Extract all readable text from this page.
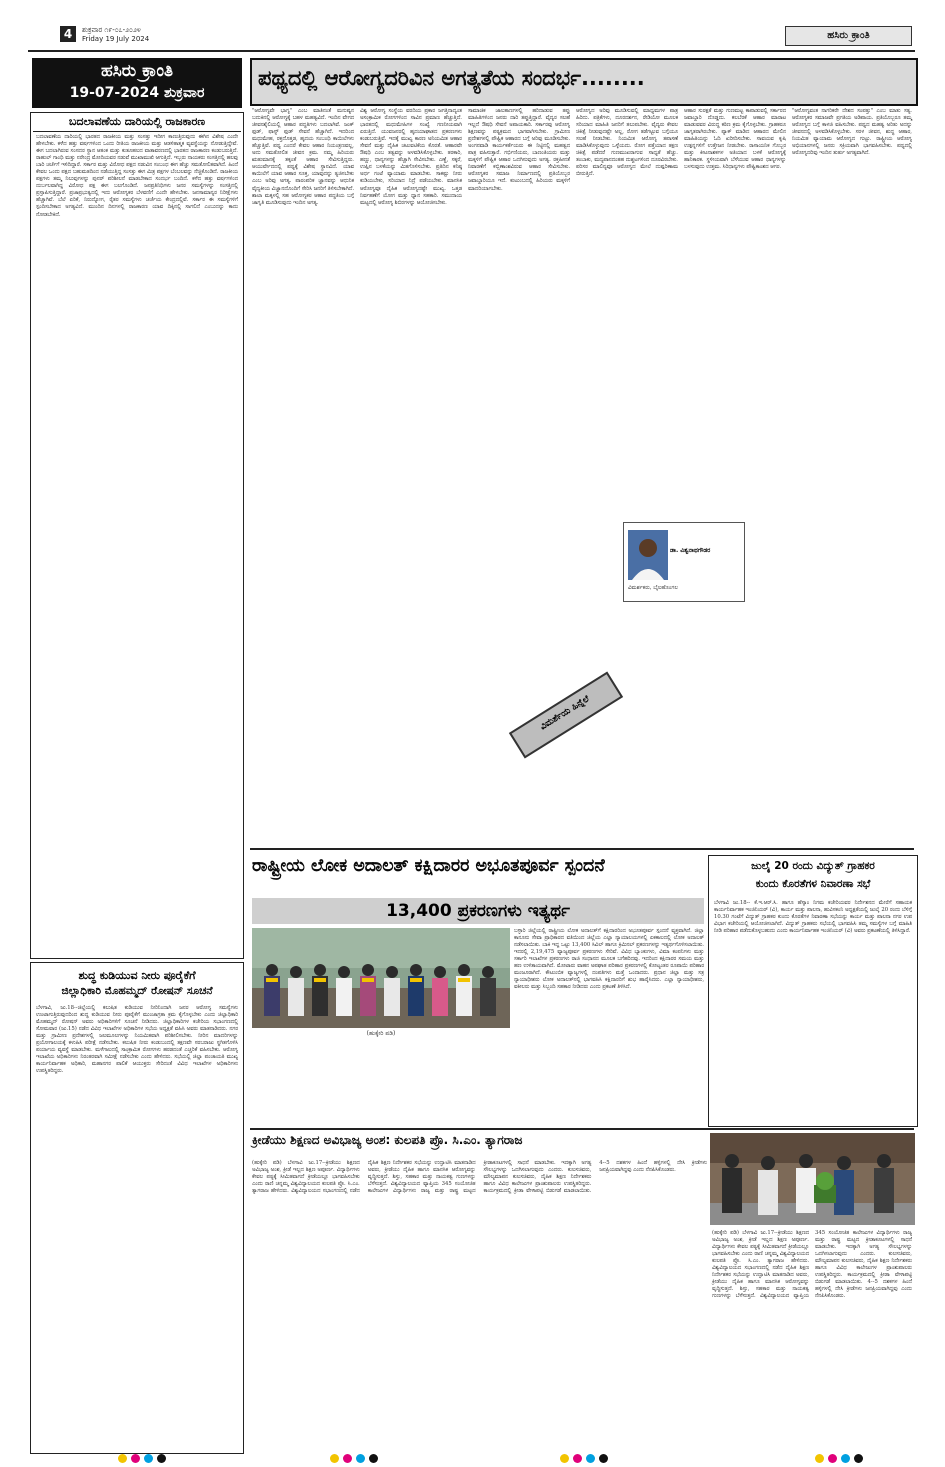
4	ಶುಕ್ರವಾರ ೧೯-೦೭-೨೦೨೪
Friday 19 July 2024	ಹಸಿರು ಕ್ರಾಂತಿ
ಹಸಿರು ಕ್ರಾಂತಿ
19-07-2024 ಶುಕ್ರವಾರ
ಬದಲಾವಣೆಯ ದಾರಿಯಲ್ಲಿ ರಾಜಕಾರಣ
ಬದಲಾವಣೆಯ ದಾರಿಯಲ್ಲಿ ಭಾರತದ ರಾಜಕೀಯ ಮತ್ತು ಸಂಸತ್ತು ಇದೀಗ ಕಾಣುತ್ತಿರುವುದು ಈಗಿನ ವಿಶೇಷ ಎಂದೇ ಹೇಳಬೇಕು. ಕಳೆದ ಹತ್ತು ವರ್ಷಗಳಿಂದ ಒಂದು ರೀತಿಯ ರಾಜಕೀಯ ಮತ್ತು ಆಡಳಿತಾತ್ಮಕ ವ್ಯವಸ್ಥೆಯನ್ನು ನೋಡುತ್ತಿದ್ದೇವೆ. ಈಗ ಬದಲಾಗಿರುವ ಸಂಸದರ ಸ್ಥಾನ ಆತಂಕ ಮತ್ತು ಕುತೂಹಲದ ವಾತಾವರಣದಲ್ಲಿ ಭಾರತದ ರಾಜಕಾರಣ ಕಂಡುಬರುತ್ತಿದೆ. ರಾಹುಲ್ ಗಾಂಧಿ ಮತ್ತು ನರೇಂದ್ರ ಮೋದಿಯವರ ನಡುವೆ ಮುಖಾಮುಖಿ ಆಗುತ್ತಿದೆ. ಇಬ್ಬರು ನಾಯಕರು ಸಂಸತ್ತಿನಲ್ಲಿ ಹಲವು ಬಾರಿ ಚರ್ಚೆಗೆ ಇಳಿದಿದ್ದಾರೆ. ಸರ್ಕಾರ ಮತ್ತು ವಿರೋಧ ಪಕ್ಷದ ನಡುವಿನ ಸಂಬಂಧ ಈಗ ಹೆಚ್ಚು ಸಮತೋಲಿತವಾಗಿದೆ. ಹಿಂದೆ ಕೇವಲ ಒಂದು ಪಕ್ಷದ ಬಹುಮತದಿಂದ ನಡೆಯುತ್ತಿದ್ದ ಸಂಸತ್ತು ಈಗ ಮಿತ್ರ ಪಕ್ಷಗಳ ಬೆಂಬಲವನ್ನು ನೆಚ್ಚಿಕೊಂಡಿದೆ. ರಾಜಕೀಯ ಪಕ್ಷಗಳು ತಮ್ಮ ನಿಲುವುಗಳನ್ನು ಪುನರ್ ಪರಿಶೀಲನೆ ಮಾಡಬೇಕಾದ ಸಂದರ್ಭ ಬಂದಿದೆ. ಕಳೆದ ಹತ್ತು ವರ್ಷಗಳಿಂದ ದುರ್ಬಲವಾಗಿದ್ದ ವಿರೋಧ ಪಕ್ಷ ಈಗ ಬಲಗೊಂಡಿದೆ. ಜನಪ್ರತಿನಿಧಿಗಳು ಜನರ ಸಮಸ್ಯೆಗಳನ್ನು ಸಂಸತ್ತಿನಲ್ಲಿ ಪ್ರಸ್ತಾಪಿಸುತ್ತಿದ್ದಾರೆ. ಪ್ರಜಾಪ್ರಭುತ್ವದಲ್ಲಿ ಇದು ಆರೋಗ್ಯಕರ ಬೆಳವಣಿಗೆ ಎಂದೇ ಹೇಳಬೇಕು. ಜನಸಾಮಾನ್ಯರ ನಿರೀಕ್ಷೆಗಳು ಹೆಚ್ಚಾಗಿವೆ. ಬೆಲೆ ಏರಿಕೆ, ನಿರುದ್ಯೋಗ, ರೈತರ ಸಮಸ್ಯೆಗಳು ಚರ್ಚೆಯ ಕೇಂದ್ರದಲ್ಲಿವೆ. ಸರ್ಕಾರ ಈ ಸಮಸ್ಯೆಗಳಿಗೆ ಸ್ಪಂದಿಸಬೇಕಾದ ಅಗತ್ಯವಿದೆ. ಮುಂದಿನ ದಿನಗಳಲ್ಲಿ ರಾಜಕಾರಣ ಯಾವ ದಿಕ್ಕಿನಲ್ಲಿ ಸಾಗಲಿದೆ ಎಂಬುದನ್ನು ಕಾದು ನೋಡಬೇಕಿದೆ.
ಶುದ್ಧ ಕುಡಿಯುವ ನೀರು ಪೂರೈಕೆಗೆ
ಜಿಲ್ಲಾಧಿಕಾರಿ ಮೊಹಮ್ಮದ್ ರೋಷನ್ ಸೂಚನೆ
ಬೆಳಗಾವಿ, ಜು.18--ಜಿಲ್ಲೆಯಲ್ಲಿ ಕಲುಷಿತ ಕುಡಿಯುವ ನೀರಿನಿಂದಾಗಿ ಜನರ ಆರೋಗ್ಯ ಸಮಸ್ಯೆಗಳು ಉಂಟಾಗುತ್ತಿರುವುದರಿಂದ ಶುದ್ಧ ಕುಡಿಯುವ ನೀರು ಪೂರೈಕೆಗೆ ಮುಂಜಾಗ್ರತಾ ಕ್ರಮ ಕೈಗೊಳ್ಳಬೇಕು ಎಂದು ಜಿಲ್ಲಾಧಿಕಾರಿ ಮೊಹಮ್ಮದ್ ರೋಷನ್ ಅವರು ಅಧಿಕಾರಿಗಳಿಗೆ ಸೂಚನೆ ನೀಡಿದರು. ಜಿಲ್ಲಾಧಿಕಾರಿಗಳ ಕಚೇರಿಯ ಸಭಾಂಗಣದಲ್ಲಿ ಸೋಮವಾರ (ಜು.15) ನಡೆದ ವಿವಿಧ ಇಲಾಖೆಗಳ ಅಧಿಕಾರಿಗಳ ಸಭೆಯ ಅಧ್ಯಕ್ಷತೆ ವಹಿಸಿ ಅವರು ಮಾತನಾಡಿದರು. ನಗರ ಮತ್ತು ಗ್ರಾಮೀಣ ಪ್ರದೇಶಗಳಲ್ಲಿ ಜಲಮೂಲಗಳನ್ನು ನಿಯಮಿತವಾಗಿ ಪರಿಶೀಲಿಸಬೇಕು. ನೀರಿನ ಮಾದರಿಗಳನ್ನು ಪ್ರಯೋಗಾಲಯಕ್ಕೆ ಕಳುಹಿಸಿ ಪರೀಕ್ಷೆ ನಡೆಸಬೇಕು. ಕಲುಷಿತ ನೀರು ಕಂಡುಬಂದಲ್ಲಿ ತಕ್ಷಣವೇ ಸರಬರಾಜು ಸ್ಥಗಿತಗೊಳಿಸಿ ಪರ್ಯಾಯ ವ್ಯವಸ್ಥೆ ಮಾಡಬೇಕು. ಮಳೆಗಾಲದಲ್ಲಿ ಸಾಂಕ್ರಾಮಿಕ ರೋಗಗಳು ಹರಡದಂತೆ ಎಚ್ಚರಿಕೆ ವಹಿಸಬೇಕು. ಆರೋಗ್ಯ ಇಲಾಖೆಯ ಅಧಿಕಾರಿಗಳು ನಿರಂತರವಾಗಿ ಸಮೀಕ್ಷೆ ನಡೆಸಬೇಕು ಎಂದು ಹೇಳಿದರು. ಸಭೆಯಲ್ಲಿ ಜಿಲ್ಲಾ ಪಂಚಾಯತಿ ಮುಖ್ಯ ಕಾರ್ಯನಿರ್ವಾಹಕ ಅಧಿಕಾರಿ, ಮಹಾನಗರ ಪಾಲಿಕೆ ಆಯುಕ್ತರು ಸೇರಿದಂತೆ ವಿವಿಧ ಇಲಾಖೆಗಳ ಅಧಿಕಾರಿಗಳು ಉಪಸ್ಥಿತರಿದ್ದರು.
ಪಥ್ಯದಲ್ಲಿ ಆರೋಗ್ಯದರಿವಿನ ಅಗತ್ಯತೆಯ ಸಂದರ್ಭ........
"ಆರೋಗ್ಯವೇ ಭಾಗ್ಯ" ಎಂಬ ಮಾತಿನಂತೆ ಮನುಷ್ಯನ ಬದುಕಿನಲ್ಲಿ ಆರೋಗ್ಯಕ್ಕೆ ಬಹಳ ಮಹತ್ವವಿದೆ. ಇಂದಿನ ವೇಗದ ಜೀವನಶೈಲಿಯಲ್ಲಿ ಆಹಾರ ಪದ್ಧತಿಗಳು ಬದಲಾಗಿವೆ. ಜಂಕ್ ಫುಡ್, ಫಾಸ್ಟ್ ಫುಡ್ ಸೇವನೆ ಹೆಚ್ಚಾಗಿದೆ. ಇದರಿಂದ ಮಧುಮೇಹ, ರಕ್ತದೊತ್ತಡ, ಹೃದಯ ಸಂಬಂಧಿ ಕಾಯಿಲೆಗಳು ಹೆಚ್ಚುತ್ತಿವೆ. ಪಥ್ಯ ಎಂದರೆ ಕೇವಲ ಆಹಾರ ನಿಯಂತ್ರಣವಲ್ಲ, ಅದು ಸಮತೋಲಿತ ಜೀವನ ಕ್ರಮ. ನಮ್ಮ ಹಿರಿಯರು ಋತುಮಾನಕ್ಕೆ ತಕ್ಕಂತೆ ಆಹಾರ ಸೇವಿಸುತ್ತಿದ್ದರು. ಆಯುರ್ವೇದದಲ್ಲಿ ಪಥ್ಯಕ್ಕೆ ವಿಶೇಷ ಸ್ಥಾನವಿದೆ. ಯಾವ ಕಾಯಿಲೆಗೆ ಯಾವ ಆಹಾರ ಸೂಕ್ತ, ಯಾವುದನ್ನು ತ್ಯಜಿಸಬೇಕು ಎಂಬ ಅರಿವು ಅಗತ್ಯ. ಪಾರಂಪರಿಕ ಜ್ಞಾನವನ್ನು ಆಧುನಿಕ ವೈದ್ಯಕೀಯ ವಿಜ್ಞಾನದೊಂದಿಗೆ ಸೇರಿಸಿ ಜನರಿಗೆ ತಿಳಿಸಬೇಕಾಗಿದೆ. ಶಾಲಾ ಮಕ್ಕಳಲ್ಲಿ ಸಹ ಆರೋಗ್ಯಕರ ಆಹಾರ ಪದ್ಧತಿಯ ಬಗ್ಗೆ ಜಾಗೃತಿ ಮೂಡಿಸುವುದು ಇಂದಿನ ಅಗತ್ಯ.
ವಿಶ್ವ ಆರೋಗ್ಯ ಸಂಸ್ಥೆಯ ವರದಿಯ ಪ್ರಕಾರ ಜಗತ್ತಿನಾದ್ಯಂತ ಅಸಂಕ್ರಾಮಿಕ ರೋಗಗಳಿಂದ ಸಾವಿನ ಪ್ರಮಾಣ ಹೆಚ್ಚುತ್ತಿದೆ. ಭಾರತದಲ್ಲಿ ಮಧುಮೇಹಿಗಳ ಸಂಖ್ಯೆ ಗಣನೀಯವಾಗಿ ಏರುತ್ತಿದೆ. ಯುವಜನರಲ್ಲಿ ಹೃದಯಾಘಾತದ ಪ್ರಕರಣಗಳು ಕಂಡುಬರುತ್ತಿವೆ. ಇದಕ್ಕೆ ಮುಖ್ಯ ಕಾರಣ ಅನಿಯಮಿತ ಆಹಾರ ಸೇವನೆ ಮತ್ತು ದೈಹಿಕ ಚಟುವಟಿಕೆಯ ಕೊರತೆ. ಆಹಾರವೇ ಔಷಧಿ ಎಂಬ ತತ್ವವನ್ನು ಅಳವಡಿಸಿಕೊಳ್ಳಬೇಕು. ತರಕಾರಿ, ಹಣ್ಣು, ಧಾನ್ಯಗಳನ್ನು ಹೆಚ್ಚಾಗಿ ಸೇವಿಸಬೇಕು. ಎಣ್ಣೆ, ಸಕ್ಕರೆ, ಉಪ್ಪಿನ ಬಳಕೆಯನ್ನು ಮಿತಗೊಳಿಸಬೇಕು. ಪ್ರತಿದಿನ ಕನಿಷ್ಠ ಅರ್ಧ ಗಂಟೆ ವ್ಯಾಯಾಮ ಮಾಡಬೇಕು. ಸಾಕಷ್ಟು ನೀರು ಕುಡಿಯಬೇಕು, ಸರಿಯಾದ ನಿದ್ರೆ ಪಡೆಯಬೇಕು. ಮಾನಸಿಕ ಆರೋಗ್ಯವೂ ದೈಹಿಕ ಆರೋಗ್ಯದಷ್ಟೇ ಮುಖ್ಯ. ಒತ್ತಡ ನಿರ್ವಹಣೆಗೆ ಯೋಗ ಮತ್ತು ಧ್ಯಾನ ಸಹಕಾರಿ. ಸಮುದಾಯ ಮಟ್ಟದಲ್ಲಿ ಆರೋಗ್ಯ ಶಿಬಿರಗಳನ್ನು ಆಯೋಜಿಸಬೇಕು.
ಸಾಮಾಜಿಕ ಜಾಲತಾಣಗಳಲ್ಲಿ ಹರಿದಾಡುವ ತಪ್ಪು ಮಾಹಿತಿಗಳಿಂದ ಜನರು ದಾರಿ ತಪ್ಪುತ್ತಿದ್ದಾರೆ. ವೈದ್ಯರ ಸಲಹೆ ಇಲ್ಲದೆ ಔಷಧಿ ಸೇವನೆ ಅಪಾಯಕಾರಿ. ಸರ್ಕಾರವು ಆರೋಗ್ಯ ಶಿಕ್ಷಣವನ್ನು ಪಠ್ಯಕ್ರಮದ ಭಾಗವಾಗಿಸಬೇಕು. ಗ್ರಾಮೀಣ ಪ್ರದೇಶಗಳಲ್ಲಿ ಪೌಷ್ಟಿಕ ಆಹಾರದ ಬಗ್ಗೆ ಅರಿವು ಮೂಡಿಸಬೇಕು. ಅಂಗನವಾಡಿ ಕಾರ್ಯಕರ್ತೆಯರು ಈ ನಿಟ್ಟಿನಲ್ಲಿ ಮಹತ್ವದ ಪಾತ್ರ ವಹಿಸುತ್ತಾರೆ. ಗರ್ಭಿಣಿಯರು, ಬಾಣಂತಿಯರು ಮತ್ತು ಮಕ್ಕಳಿಗೆ ಪೌಷ್ಟಿಕ ಆಹಾರ ಒದಗಿಸುವುದು ಅಗತ್ಯ. ರಕ್ತಹೀನತೆ ನಿವಾರಣೆಗೆ ಕಬ್ಬಿಣಾಂಶವಿರುವ ಆಹಾರ ಸೇವಿಸಬೇಕು. ಆರೋಗ್ಯಕರ ಸಮಾಜ ನಿರ್ಮಾಣದಲ್ಲಿ ಪ್ರತಿಯೊಬ್ಬರ ಜವಾಬ್ದಾರಿಯೂ ಇದೆ. ಕುಟುಂಬದಲ್ಲಿ ಹಿರಿಯರು ಮಕ್ಕಳಿಗೆ ಮಾದರಿಯಾಗಬೇಕು.
ಆರೋಗ್ಯದ ಅರಿವು ಮೂಡಿಸುವಲ್ಲಿ ಮಾಧ್ಯಮಗಳ ಪಾತ್ರ ಹಿರಿದು. ಪತ್ರಿಕೆಗಳು, ದೂರದರ್ಶನ, ರೇಡಿಯೋ ಮೂಲಕ ಸರಿಯಾದ ಮಾಹಿತಿ ಜನರಿಗೆ ತಲುಪಬೇಕು. ವೈದ್ಯರು ಕೇವಲ ಚಿಕಿತ್ಸೆ ನೀಡುವುದಷ್ಟೇ ಅಲ್ಲ, ರೋಗ ತಡೆಗಟ್ಟುವ ಬಗ್ಗೆಯೂ ಸಲಹೆ ನೀಡಬೇಕು. ನಿಯಮಿತ ಆರೋಗ್ಯ ತಪಾಸಣೆ ಮಾಡಿಸಿಕೊಳ್ಳುವುದು ಒಳ್ಳೆಯದು. ರೋಗ ಪತ್ತೆಯಾದ ತಕ್ಷಣ ಚಿಕಿತ್ಸೆ ಪಡೆದರೆ ಗುಣಮುಖರಾಗುವ ಸಾಧ್ಯತೆ ಹೆಚ್ಚು. ತಂಬಾಕು, ಮದ್ಯಪಾನದಂತಹ ದುಶ್ಚಟಗಳಿಂದ ದೂರವಿರಬೇಕು. ಪರಿಸರ ಮಾಲಿನ್ಯವೂ ಆರೋಗ್ಯದ ಮೇಲೆ ದುಷ್ಪರಿಣಾಮ ಬೀರುತ್ತಿದೆ.
ಆಹಾರ ಸುರಕ್ಷತೆ ಮತ್ತು ಗುಣಮಟ್ಟ ಕಾಪಾಡುವಲ್ಲಿ ಸರ್ಕಾರದ ಜವಾಬ್ದಾರಿ ದೊಡ್ಡದು. ಕಲಬೆರಕೆ ಆಹಾರ ಮಾರಾಟ ಮಾಡುವವರ ವಿರುದ್ಧ ಕಠಿಣ ಕ್ರಮ ಕೈಗೊಳ್ಳಬೇಕು. ಗ್ರಾಹಕರೂ ಜಾಗೃತರಾಗಿರಬೇಕು. ಪ್ಯಾಕ್ ಮಾಡಿದ ಆಹಾರದ ಮೇಲಿನ ಮಾಹಿತಿಯನ್ನು ಓದಿ ಖರೀದಿಸಬೇಕು. ಸಾವಯವ ಕೃಷಿ ಉತ್ಪನ್ನಗಳಿಗೆ ಉತ್ತೇಜನ ನೀಡಬೇಕು. ರಾಸಾಯನಿಕ ಗೊಬ್ಬರ ಮತ್ತು ಕೀಟನಾಶಕಗಳ ಅತಿಯಾದ ಬಳಕೆ ಆರೋಗ್ಯಕ್ಕೆ ಹಾನಿಕಾರಕ. ಸ್ಥಳೀಯವಾಗಿ ಬೆಳೆಯುವ ಆಹಾರ ಧಾನ್ಯಗಳನ್ನು ಬಳಸುವುದು ಉತ್ತಮ. ಸಿರಿಧಾನ್ಯಗಳು ಪೌಷ್ಟಿಕಾಂಶದ ಆಗರ.
"ಆರೋಗ್ಯವಂತ ನಾಗರಿಕರೇ ದೇಶದ ಸಂಪತ್ತು" ಎಂಬ ಮಾತು ಸತ್ಯ. ಆರೋಗ್ಯಕರ ಸಮಾಜವೇ ಪ್ರಗತಿಯ ಅಡಿಪಾಯ. ಪ್ರತಿಯೊಬ್ಬರೂ ತಮ್ಮ ಆರೋಗ್ಯದ ಬಗ್ಗೆ ಕಾಳಜಿ ವಹಿಸಬೇಕು. ಪಥ್ಯದ ಮಹತ್ವ ಅರಿತು ಅದನ್ನು ಜೀವನದಲ್ಲಿ ಅಳವಡಿಸಿಕೊಳ್ಳಬೇಕು. ಸರಳ ಜೀವನ, ಶುದ್ಧ ಆಹಾರ, ನಿಯಮಿತ ವ್ಯಾಯಾಮ ಆರೋಗ್ಯದ ಗುಟ್ಟು. ರಾಷ್ಟ್ರೀಯ ಆರೋಗ್ಯ ಅಭಿಯಾನಗಳಲ್ಲಿ ಜನರು ಸಕ್ರಿಯವಾಗಿ ಭಾಗವಹಿಸಬೇಕು. ಪಥ್ಯದಲ್ಲಿ ಆರೋಗ್ಯದರಿವು ಇಂದಿನ ತುರ್ತು ಅಗತ್ಯವಾಗಿದೆ.
ವಿಮರ್ಶೆಯ ಹಿನ್ನೆಲೆ
ಡಾ. ವಿಶ್ವನಾಥಗೌಡರ
ವಿಮರ್ಶಕರು, ಬೈಲಹೊಂಗಲ
ರಾಷ್ಟ್ರೀಯ ಲೋಕ ಅದಾಲತ್ ಕಕ್ಷಿದಾರರ ಅಭೂತಪೂರ್ವ ಸ್ಪಂದನೆ
13,400 ಪ್ರಕರಣಗಳು ಇತ್ಯರ್ಥ
(ಹುಕ್ಕೇರಿ ಪಡಿ)
ಬಳ್ಳಾರಿ ಜಿಲ್ಲೆಯಲ್ಲಿ ರಾಷ್ಟ್ರೀಯ ಲೋಕ ಅದಾಲತ್‌ಗೆ ಕಕ್ಷಿದಾರರಿಂದ ಅಭೂತಪೂರ್ವ ಸ್ಪಂದನೆ ವ್ಯಕ್ತವಾಗಿದೆ. ಜಿಲ್ಲಾ ಕಾನೂನು ಸೇವಾ ಪ್ರಾಧಿಕಾರದ ವತಿಯಿಂದ ಜಿಲ್ಲೆಯ ಎಲ್ಲಾ ನ್ಯಾಯಾಲಯಗಳಲ್ಲಿ ಏಕಕಾಲದಲ್ಲಿ ಲೋಕ ಅದಾಲತ್ ನಡೆಸಲಾಯಿತು. ಬಾಕಿ ಇದ್ದ ಒಟ್ಟು 13,400 ಸಿವಿಲ್ ಹಾಗೂ ಕ್ರಿಮಿನಲ್ ಪ್ರಕರಣಗಳನ್ನು ಇತ್ಯರ್ಥಗೊಳಿಸಲಾಯಿತು. ಇದರಲ್ಲಿ 2,19,475 ವ್ಯಾಜ್ಯಪೂರ್ವ ಪ್ರಕರಣಗಳು ಸೇರಿವೆ. ವಿವಿಧ ಬ್ಯಾಂಕುಗಳು, ವಿಮಾ ಕಂಪನಿಗಳು ಮತ್ತು ಸರ್ಕಾರಿ ಇಲಾಖೆಗಳ ಪ್ರಕರಣಗಳು ರಾಜಿ ಸಂಧಾನದ ಮೂಲಕ ಬಗೆಹರಿದವು. ಇದರಿಂದ ಕಕ್ಷಿದಾರರ ಸಮಯ ಮತ್ತು ಹಣ ಉಳಿತಾಯವಾಗಿದೆ. ಮೋಟಾರು ವಾಹನ ಅಪಘಾತ ಪರಿಹಾರ ಪ್ರಕರಣಗಳಲ್ಲಿ ಕೋಟ್ಯಂತರ ರೂಪಾಯಿ ಪರಿಹಾರ ಮಂಜೂರಾಗಿದೆ. ಕೌಟುಂಬಿಕ ವ್ಯಾಜ್ಯಗಳಲ್ಲಿ ದಂಪತಿಗಳು ಮತ್ತೆ ಒಂದಾದರು. ಪ್ರಧಾನ ಜಿಲ್ಲಾ ಮತ್ತು ಸತ್ರ ನ್ಯಾಯಾಧೀಶರು ಲೋಕ ಅದಾಲತ್‌ನಲ್ಲಿ ಭಾಗವಹಿಸಿ ಕಕ್ಷಿದಾರರಿಗೆ ಶುಭ ಹಾರೈಸಿದರು. ಎಲ್ಲಾ ನ್ಯಾಯಾಧೀಶರು, ವಕೀಲರು ಮತ್ತು ಸಿಬ್ಬಂದಿ ಸಹಕಾರ ನೀಡಿದರು ಎಂದು ಪ್ರಕಟಣೆ ತಿಳಿಸಿದೆ.
ಜುಲೈ 20 ರಂದು ವಿದ್ಯುತ್ ಗ್ರಾಹಕರ
ಕುಂದು ಕೊರತೆಗಳ ನಿವಾರಣಾ ಸಭೆ
ಬೆಳಗಾವಿ ಜು.18-- ಕೆ.ಇ.ಆರ್.ಸಿ. ಹಾಗೂ ಹೆಸ್ಕಾಂ ನಿಗಮ ಕಚೇರಿಯವರ ನಿರ್ದೇಶನದ ಮೇರೆಗೆ ಸಹಾಯಕ ಕಾರ್ಯನಿರ್ವಾಹಕ ಇಂಜಿನಿಯರ್ (ವಿ), ಕಾರ್ಯ ಮತ್ತು ಪಾಲನಾ, ಹುವಿಸಕಂನಿ ಅಧ್ಯಕ್ಷತೆಯಲ್ಲಿ ಜುಲೈ 20 ರಂದು ಬೆಳಿಗ್ಗೆ 10.30 ಗಂಟೆಗೆ ವಿದ್ಯುತ್ ಗ್ರಾಹಕರ ಕುಂದು ಕೊರತೆಗಳ ನಿವಾರಣಾ ಸಭೆಯನ್ನು ಕಾರ್ಯ ಮತ್ತು ಪಾಲನಾ ನಗರ ಉಪ ವಿಭಾಗ ಕಚೇರಿಯಲ್ಲಿ ಆಯೋಜಿಸಲಾಗಿದೆ. ವಿದ್ಯುತ್ ಗ್ರಾಹಕರು ಸಭೆಯಲ್ಲಿ ಭಾಗವಹಿಸಿ ತಮ್ಮ ಸಮಸ್ಯೆಗಳ ಬಗ್ಗೆ ಮಾಹಿತಿ ನೀಡಿ ಪರಿಹಾರ ಪಡೆದುಕೊಳ್ಳಬಹುದು ಎಂದು ಕಾರ್ಯನಿರ್ವಾಹಕ ಇಂಜಿನಿಯರ್ (ವಿ) ಅವರು ಪ್ರಕಟಣೆಯಲ್ಲಿ ತಿಳಿಸಿದ್ದಾರೆ.
ಕ್ರೀಡೆಯು ಶಿಕ್ಷಣದ ಅವಿಭಾಜ್ಯ ಅಂಶ: ಕುಲಪತಿ ಪ್ರೊ. ಸಿ.ಎಂ. ತ್ಯಾಗರಾಜ
(ಹುಕ್ಕೇರಿ ಪಡಿ) ಬೆಳಗಾವಿ ಜು.17--ಕ್ರೀಡೆಯು ಶಿಕ್ಷಣದ ಅವಿಭಾಜ್ಯ ಅಂಶ, ಕ್ರೀಡೆ ಇಲ್ಲದ ಶಿಕ್ಷಣ ಅಪೂರ್ಣ. ವಿದ್ಯಾರ್ಥಿಗಳು ಕೇವಲ ಪಠ್ಯಕ್ಕೆ ಸೀಮಿತವಾಗದೆ ಕ್ರೀಡೆಯಲ್ಲೂ ಭಾಗವಹಿಸಬೇಕು ಎಂದು ರಾಣಿ ಚನ್ನಮ್ಮ ವಿಶ್ವವಿದ್ಯಾಲಯದ ಕುಲಪತಿ ಪ್ರೊ. ಸಿ.ಎಂ. ತ್ಯಾಗರಾಜ ಹೇಳಿದರು. ವಿಶ್ವವಿದ್ಯಾಲಯದ ಸಭಾಂಗಣದಲ್ಲಿ ನಡೆದ ದೈಹಿಕ ಶಿಕ್ಷಣ ನಿರ್ದೇಶಕರ ಸಭೆಯನ್ನು ಉದ್ಘಾಟಿಸಿ ಮಾತನಾಡಿದ ಅವರು, ಕ್ರೀಡೆಯು ದೈಹಿಕ ಹಾಗೂ ಮಾನಸಿಕ ಆರೋಗ್ಯವನ್ನು ವೃದ್ಧಿಸುತ್ತದೆ. ಶಿಸ್ತು, ಸಹಕಾರ ಮತ್ತು ನಾಯಕತ್ವ ಗುಣಗಳನ್ನು ಬೆಳೆಸುತ್ತದೆ. ವಿಶ್ವವಿದ್ಯಾಲಯದ ವ್ಯಾಪ್ತಿಯ 345 ಸಂಯೋಜಿತ ಕಾಲೇಜುಗಳ ವಿದ್ಯಾರ್ಥಿಗಳು ರಾಜ್ಯ ಮತ್ತು ರಾಷ್ಟ್ರ ಮಟ್ಟದ ಕ್ರೀಡಾಕೂಟಗಳಲ್ಲಿ ಸಾಧನೆ ಮಾಡಬೇಕು. ಇದಕ್ಕಾಗಿ ಅಗತ್ಯ ಸೌಲಭ್ಯಗಳನ್ನು ಒದಗಿಸಲಾಗುವುದು ಎಂದರು. ಕುಲಸಚಿವರು, ಮೌಲ್ಯಮಾಪನ ಕುಲಸಚಿವರು, ದೈಹಿಕ ಶಿಕ್ಷಣ ನಿರ್ದೇಶಕರು ಹಾಗೂ ವಿವಿಧ ಕಾಲೇಜುಗಳ ಪ್ರಾಂಶುಪಾಲರು ಉಪಸ್ಥಿತರಿದ್ದರು. ಕಾರ್ಯಕ್ರಮದಲ್ಲಿ ಕ್ರೀಡಾ ವೇಳಾಪಟ್ಟಿ ಬಿಡುಗಡೆ ಮಾಡಲಾಯಿತು. 4--5 ದಶಕಗಳ ಹಿಂದೆ ಹಳ್ಳಿಗಳಲ್ಲಿ ದೇಸಿ ಕ್ರೀಡೆಗಳು ಜನಪ್ರಿಯವಾಗಿದ್ದವು ಎಂದು ನೆನಪಿಸಿಕೊಂಡರು.
(ಹುಕ್ಕೇರಿ ಪಡಿ) ಬೆಳಗಾವಿ ಜು.17--ಕ್ರೀಡೆಯು ಶಿಕ್ಷಣದ ಅವಿಭಾಜ್ಯ ಅಂಶ, ಕ್ರೀಡೆ ಇಲ್ಲದ ಶಿಕ್ಷಣ ಅಪೂರ್ಣ. ವಿದ್ಯಾರ್ಥಿಗಳು ಕೇವಲ ಪಠ್ಯಕ್ಕೆ ಸೀಮಿತವಾಗದೆ ಕ್ರೀಡೆಯಲ್ಲೂ ಭಾಗವಹಿಸಬೇಕು ಎಂದು ರಾಣಿ ಚನ್ನಮ್ಮ ವಿಶ್ವವಿದ್ಯಾಲಯದ ಕುಲಪತಿ ಪ್ರೊ. ಸಿ.ಎಂ. ತ್ಯಾಗರಾಜ ಹೇಳಿದರು. ವಿಶ್ವವಿದ್ಯಾಲಯದ ಸಭಾಂಗಣದಲ್ಲಿ ನಡೆದ ದೈಹಿಕ ಶಿಕ್ಷಣ ನಿರ್ದೇಶಕರ ಸಭೆಯನ್ನು ಉದ್ಘಾಟಿಸಿ ಮಾತನಾಡಿದ ಅವರು, ಕ್ರೀಡೆಯು ದೈಹಿಕ ಹಾಗೂ ಮಾನಸಿಕ ಆರೋಗ್ಯವನ್ನು ವೃದ್ಧಿಸುತ್ತದೆ. ಶಿಸ್ತು, ಸಹಕಾರ ಮತ್ತು ನಾಯಕತ್ವ ಗುಣಗಳನ್ನು ಬೆಳೆಸುತ್ತದೆ. ವಿಶ್ವವಿದ್ಯಾಲಯದ ವ್ಯಾಪ್ತಿಯ 345 ಸಂಯೋಜಿತ ಕಾಲೇಜುಗಳ ವಿದ್ಯಾರ್ಥಿಗಳು ರಾಜ್ಯ ಮತ್ತು ರಾಷ್ಟ್ರ ಮಟ್ಟದ ಕ್ರೀಡಾಕೂಟಗಳಲ್ಲಿ ಸಾಧನೆ ಮಾಡಬೇಕು. ಇದಕ್ಕಾಗಿ ಅಗತ್ಯ ಸೌಲಭ್ಯಗಳನ್ನು ಒದಗಿಸಲಾಗುವುದು ಎಂದರು. ಕುಲಸಚಿವರು, ಮೌಲ್ಯಮಾಪನ ಕುಲಸಚಿವರು, ದೈಹಿಕ ಶಿಕ್ಷಣ ನಿರ್ದೇಶಕರು ಹಾಗೂ ವಿವಿಧ ಕಾಲೇಜುಗಳ ಪ್ರಾಂಶುಪಾಲರು ಉಪಸ್ಥಿತರಿದ್ದರು. ಕಾರ್ಯಕ್ರಮದಲ್ಲಿ ಕ್ರೀಡಾ ವೇಳಾಪಟ್ಟಿ ಬಿಡುಗಡೆ ಮಾಡಲಾಯಿತು. 4--5 ದಶಕಗಳ ಹಿಂದೆ ಹಳ್ಳಿಗಳಲ್ಲಿ ದೇಸಿ ಕ್ರೀಡೆಗಳು ಜನಪ್ರಿಯವಾಗಿದ್ದವು ಎಂದು ನೆನಪಿಸಿಕೊಂಡರು.
